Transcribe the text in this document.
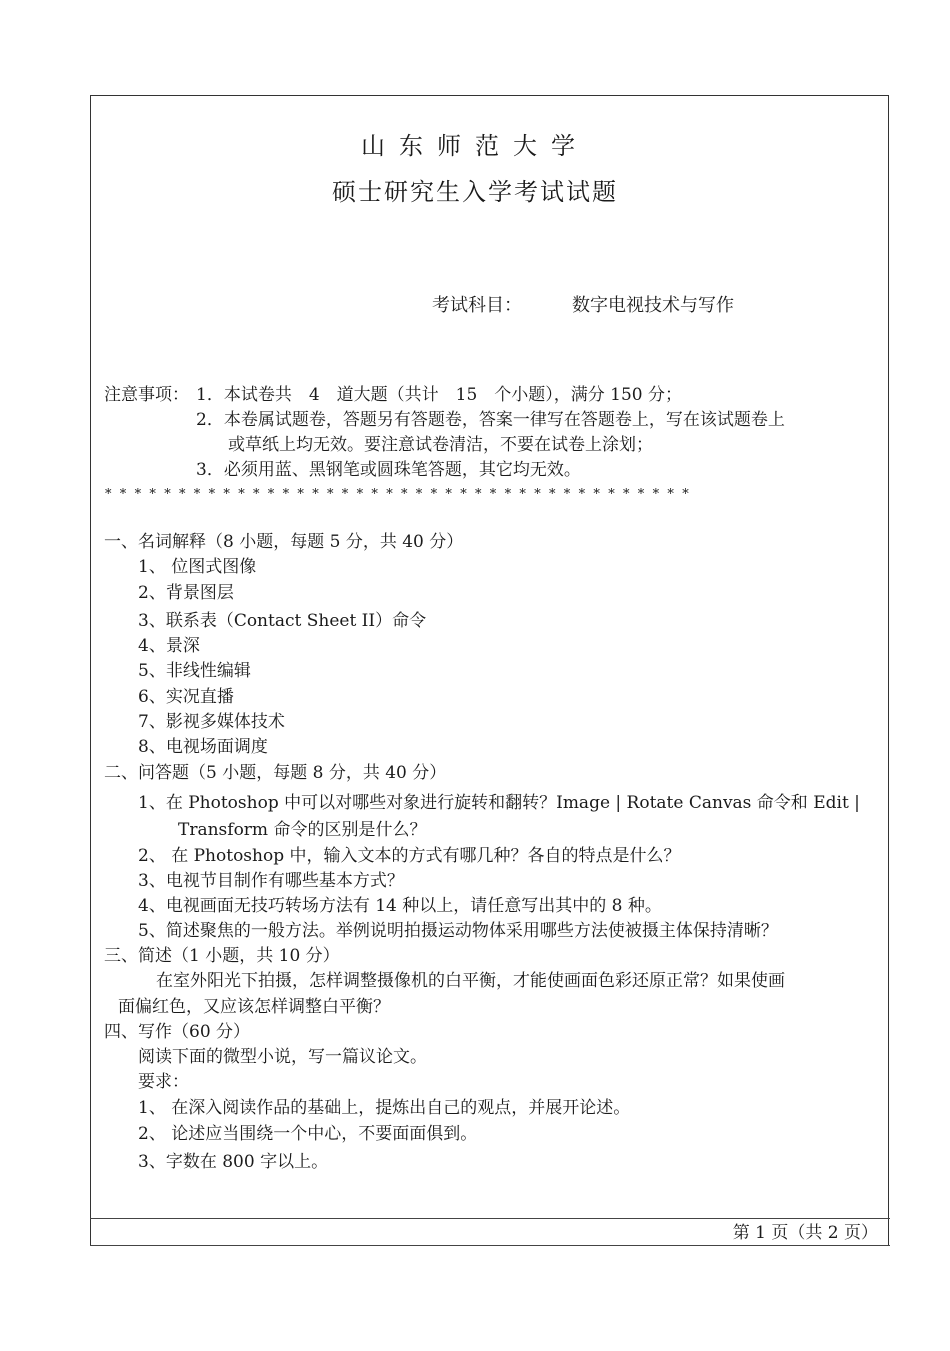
山东师范大学
硕士研究生入学考试试题
考试科目：	数字电视技术与写作
注意事项： 1．本试卷共　4　道大题（共计　15　个小题），满分 150 分；
2．本卷属试题卷，答题另有答题卷，答案一律写在答题卷上，写在该试题卷上
或草纸上均无效。要注意试卷清洁，不要在试卷上涂划；
3．必须用蓝、黑钢笔或圆珠笔答题，其它均无效。
****************************************
一、名词解释（8 小题，每题 5 分，共 40 分）
1、 位图式图像
2、背景图层
3、联系表（Contact Sheet II）命令
4、景深
5、非线性编辑
6、实况直播
7、影视多媒体技术
8、电视场面调度
二、问答题（5 小题，每题 8 分，共 40 分）
1、在 Photoshop 中可以对哪些对象进行旋转和翻转？Image | Rotate Canvas 命令和 Edit |
Transform 命令的区别是什么？
2、 在 Photoshop 中，输入文本的方式有哪几种？各自的特点是什么？
3、电视节目制作有哪些基本方式？
4、电视画面无技巧转场方法有 14 种以上，请任意写出其中的 8 种。
5、简述聚焦的一般方法。举例说明拍摄运动物体采用哪些方法使被摄主体保持清晰？
三、简述（1 小题，共 10 分）
在室外阳光下拍摄，怎样调整摄像机的白平衡，才能使画面色彩还原正常？如果使画
面偏红色，又应该怎样调整白平衡？
四、写作（60 分）
阅读下面的微型小说，写一篇议论文。
要求：
1、 在深入阅读作品的基础上，提炼出自己的观点，并展开论述。
2、 论述应当围绕一个中心，不要面面俱到。
3、字数在 800 字以上。
第 1 页（共 2 页）
